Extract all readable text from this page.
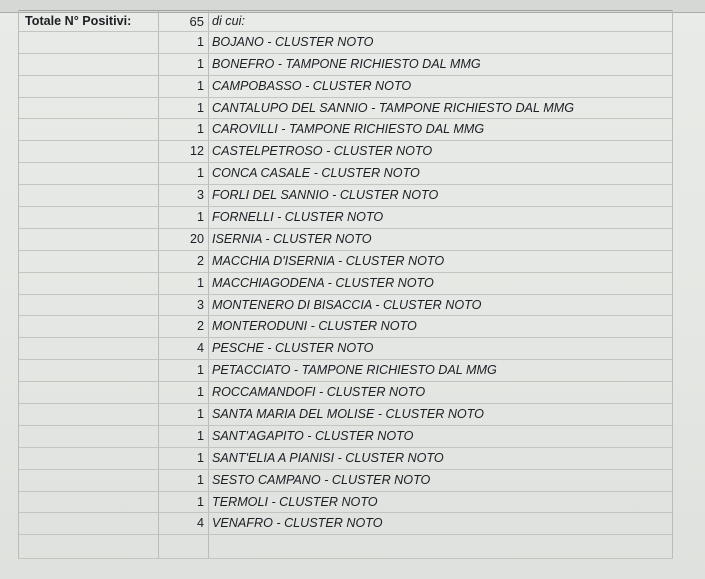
Totale N° Positivi:	65 di cui:
1 BOJANO - CLUSTER NOTO
1 BONEFRO - TAMPONE RICHIESTO DAL MMG
1 CAMPOBASSO - CLUSTER NOTO
1 CANTALUPO DEL SANNIO - TAMPONE RICHIESTO DAL MMG
1 CAROVILLI - TAMPONE RICHIESTO DAL MMG
12 CASTELPETROSO - CLUSTER NOTO
1 CONCA CASALE - CLUSTER NOTO
3 FORLI DEL SANNIO - CLUSTER NOTO
1 FORNELLI - CLUSTER NOTO
20 ISERNIA - CLUSTER NOTO
2 MACCHIA D'ISERNIA - CLUSTER NOTO
1 MACCHIAGODENA - CLUSTER NOTO
3 MONTENERO DI BISACCIA - CLUSTER NOTO
2 MONTERODUNI - CLUSTER NOTO
4 PESCHE - CLUSTER NOTO
1 PETACCIATO - TAMPONE RICHIESTO DAL MMG
1 ROCCAMANDOFI - CLUSTER NOTO
1 SANTA MARIA DEL MOLISE - CLUSTER NOTO
1 SANT'AGAPITO - CLUSTER NOTO
1 SANT'ELIA A PIANISI - CLUSTER NOTO
1 SESTO CAMPANO - CLUSTER NOTO
1 TERMOLI - CLUSTER NOTO
4 VENAFRO - CLUSTER NOTO
